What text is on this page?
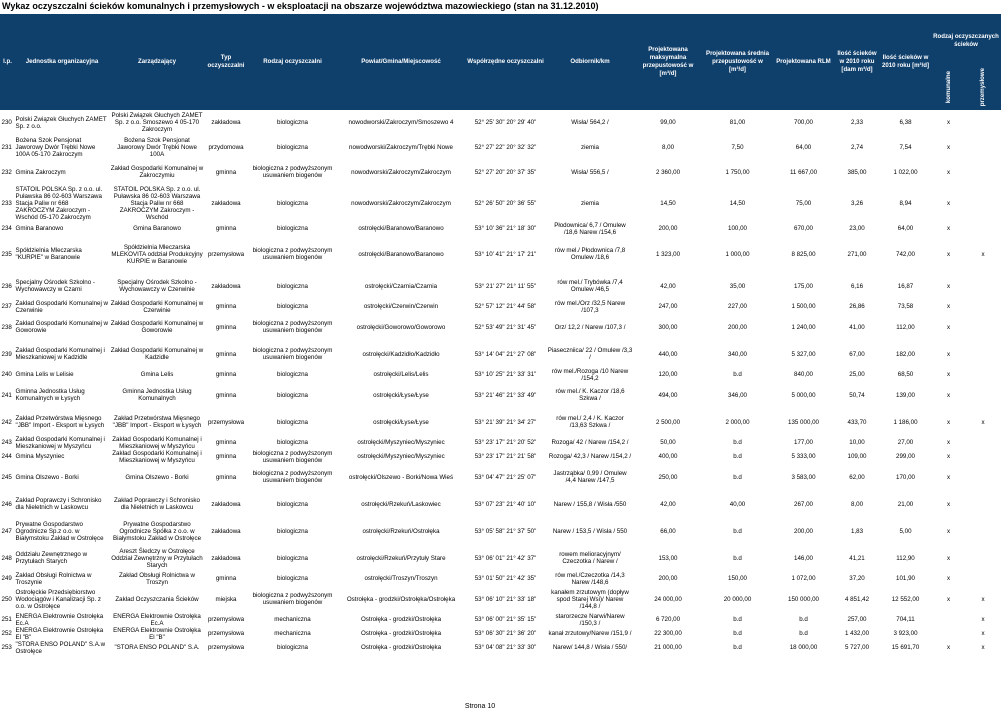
Wykaz oczyszczalni ścieków komunalnych i przemysłowych - w eksploatacji na obszarze województwa mazowieckiego (stan na 31.12.2010)
l.p.	Jednostka organizacyjna	Zarządzający	Typ oczyszczalni	Rodzaj oczyszczalni	Powiat/Gmina/Miejscowość	Współrzędne oczyszczalni	Odbiornik/km	Projektowana maksymalna przepustowość w [m³/d]	Projektowana średnia przepustowość w [m³/d]	Projektowana RLM	Ilość ścieków w 2010 roku [dam m³/d]	Ilość ścieków w 2010 roku [m³/d]	Rodzaj oczyszczanych ścieków	
													komunalne	przemysłowe
230	Polski Związek Głuchych ZAMET Sp. z o.o.	Polski Związek Głuchych ZAMET Sp. z o.o. Smoszewo 4 05-170 Zakroczym	zakładowa	biologiczna	nowodworski/Zakroczym/Smoszewo 4	52° 25' 30" 20° 29' 40"	Wisła/ 564,2 /	99,00	81,00	700,00	2,33	6,38	x	
231	Bożena Szok Pensjonat Jaworowy Dwór Trębki Nowe 100A 05-170 Zakroczym	Bożena Szok Pensjonat Jaworowy Dwór Trębki Nowe 100A	przydomowa	biologiczna	nowodworski/Zakroczym/Trębki Nowe	52° 27' 22" 20° 32' 32"	ziemia	8,00	7,50	64,00	2,74	7,54	x	
232	Gmina Zakroczym	Zakład Gospodarki Komunalnej w Zakroczymiu	gminna	biologiczna z podwyższonym usuwaniem biogenów	nowodworski/Zakroczym/Zakroczym	52° 27' 20" 20° 37' 35"	Wisła/ 556,5 /	2 360,00	1 750,00	11 667,00	385,00	1 022,00	x	
233	STATOIL POLSKA Sp. z o.o. ul. Puławska 86 02-603 Warszawa Stacja Paliw nr 668 ZAKROCZYM Zakroczym - Wschód 05-170 Zakroczym	STATOIL POLSKA Sp. z o.o. ul. Puławska 86 02-603 Warszawa Stacja Paliw nr 668 ZAKROCZYM Zakroczym - Wschód	zakładowa	biologiczna	nowodworski/Zakroczym/Zakroczym	52° 26' 50" 20° 36' 55"	ziemia	14,50	14,50	75,00	3,26	8,94	x	
234	Gmina Baranowo	Gmina Baranowo	gminna	biologiczna	ostrołęcki/Baranowo/Baranowo	53° 10' 36" 21° 18' 30"	Płodownica/ 6,7 / Omulew /18,6 Narew /154,6	200,00	100,00	670,00	23,00	64,00	x	
235	Spółdzielnia Mleczarska "KURPIE" w Baranowie	Spółdzielnia Mleczarska MLEKOVITA oddział Produkcyjny KURPIE w Baranowie	przemysłowa	biologiczna z podwyższonym usuwaniem biogenów	ostrołęcki/Baranowo/Baranowo	53° 10' 41" 21° 17' 21"	rów mel./ Płodownica /7,8 Omulew /18,6	1 323,00	1 000,00	8 825,00	271,00	742,00	x	x
236	Specjalny Ośrodek Szkolno - Wychowawczy w Czarni	Specjalny Ośrodek Szkolno - Wychowawczy w Czerwinie	zakładowa	biologiczna	ostrołęcki/Czarnia/Czarnia	53° 21' 27" 21° 11' 55"	rów mel./ Trybówka /7,4 Omulew /46,5	42,00	35,00	175,00	6,16	16,87	x	
237	Zakład Gospodarki Komunalnej w Czerwinie	Zakład Gospodarki Komunalnej w Czerwinie	gminna	biologiczna	ostrołęcki/Czerwin/Czerwin	52° 57' 12" 21° 44' 58"	rów mel./Orz /32,5 Narew /107,3	247,00	227,00	1 500,00	26,86	73,58	x	
238	Zakład Gospodarki Komunalnej w Goworowie	Zakład Gospodarki Komunalnej w Goworowie	gminna	biologiczna z podwyższonym usuwaniem biogenów	ostrołęcki/Goworowo/Goworowo	52° 53' 49" 21° 31' 45"	Orz/ 12,2 / Narew /107,3 /	300,00	200,00	1 240,00	41,00	112,00	x	
239	Zakład Gospodarki Komunalnej i Mieszkaniowej w Kadzidle	Zakład Gospodarki Komunalnej w Kadzidle	gminna	biologiczna z podwyższonym usuwaniem biogenów	ostrołęcki/Kadzidło/Kadzidło	53° 14' 04" 21° 27' 08"	Piaseczniica/ 22 / Omulew /3,3 /	440,00	340,00	5 327,00	67,00	182,00	x	
240	Gmina Lelis w Lelisie	Gmina Lelis	gminna	biologiczna	ostrołęcki/Lelis/Lelis	53° 10' 25" 21° 33' 31"	rów mel./Rozoga /10 Narew /154,2	120,00	b.d	840,00	25,00	68,50	x	
241	Gminna Jednostka Usług Komunalnych w Łysych	Gminna Jednostka Usług Komunalnych	gminna	biologiczna	ostrołęcki/Łyse/Łyse	53° 21' 46" 21° 33' 49"	rów mel./ K. Kaczor /18,6 Szkwa /	494,00	346,00	5 000,00	50,74	139,00	x	
242	Zakład Przetwórstwa Mięsnego "JBB" Import - Eksport w Łysych	Zakład Przetwórstwa Mięsnego "JBB" Import - Eksport w Łysych	przemysłowa	biologiczna	ostrołęcki/Łyse/Łyse	53° 21' 39" 21° 34' 27"	rów mel./ 2,4 / K. Kaczor /13,63 Szkwa /	2 500,00	2 000,00	135 000,00	433,70	1 186,00	x	x
243	Zakład Gospodarki Komunalnej i Mieszkaniowej w Myszyńcu	Zakład Gospodarki Komunalnej i Mieszkaniowej w Myszyńcu	gminna	biologiczna	ostrołęcki/Myszyniec/Myszyniec	53° 23' 17" 21° 20' 52"	Rozoga/ 42 / Narew /154,2 /	50,00	b.d	177,00	10,00	27,00	x	
244	Gmina Myszyniec	Zakład Gospodarki Komunalnej i Mieszkaniowej w Myszyńcu	gminna	biologiczna z podwyższonym usuwaniem biogenów	ostrołęcki/Myszyniec/Myszyniec	53° 23' 17" 21° 21' 58"	Rozoga/ 42,3 / Narew /154,2 /	400,00	b.d	5 333,00	109,00	299,00	x	
245	Gmina Olszewo - Borki	Gmina Olszewo - Borki	gminna	biologiczna z podwyższonym usuwaniem biogenów	ostrołęcki/Olszewo - Borki/Nowa Wieś	53° 04' 47" 21° 25' 07"	Jastrząbka/ 0,99 / Omulew /4,4 Narew /147,5	250,00	b.d	3 583,00	62,00	170,00	x	
246	Zakład Poprawczy i Schronisko dla Nieletnich w Laskowcu	Zakład Poprawczy i Schronisko dla Nieletnich w Laskowcu	zakładowa	biologiczna	ostrołęcki/Rzekuń/Laskowiec	53° 07' 23" 21° 40' 10"	Narew / 155,8 / Wisła /550	42,00	40,00	267,00	8,00	21,00	x	
247	Prywatne Gospodarstwo Ogrodnicze Sp.z o.o. w Białymstoku Zakład w Ostrołęce	Prywatne Gospodarstwo Ogrodnicze Spółka z o.o. w Białymstoku Zakład w Ostrołęce	zakładowa	biologiczna	ostrołęcki/Rzekuń/Ostrołęka	53° 05' 58" 21° 37' 50"	Narew / 153,5 / Wisła / 550	66,00	b.d	200,00	1,83	5,00	x	
248	Oddziału Zewnętrznego w Przytułach Starych	Areszt Śledczy w Ostrołęce Oddział Zewnętrzny w Przytułach Starych	zakładowa	biologiczna	ostrołęcki/Rzekuń/Przytuły Stare	53° 06' 01" 21° 42' 37"	rowem melioracyjnym/ Czeczotka / Narew /	153,00	b.d	146,00	41,21	112,90	x	
249	Zakład Obsługi Rolnictwa w Troszynie	Zakład Obsługi Rolnictwa w Troszyn	gminna	biologiczna	ostrołęcki/Troszyn/Troszyn	53° 01' 50" 21° 42' 35"	rów mel./Czeczotka /14,3 Narew /148,6	200,00	150,00	1 072,00	37,20	101,90	x	
250	Ostrołęckie Przedsiębiorstwo Wodociągów i Kanalizacji Sp. z o.o. w Ostrołęce	Zakład Oczyszczania Ścieków	miejska	biologiczna z podwyższonym usuwaniem biogenów	Ostrołęka - grodzki/Ostrołęka/Ostrołęka	53° 06' 10" 21° 33' 18"	kanałem zrzutowym (dopływ spod Starej Wsi)/ Narew /144,8 /	24 000,00	20 000,00	150 000,00	4 851,42	12 552,00	x	x
251	ENERGA Elektrownie Ostrołęka Ec.A	ENERGA Elektrownie Ostrołęka Ec.A	przemysłowa	mechaniczna	Ostrołęka - grodzki/Ostrołęka	53° 06' 00" 21° 35' 15"	starorzecze Narwi/Narew /150,3 /	6 720,00	b.d	b.d	257,00	704,11		x
252	ENERGA Elektrownie Ostrołęka El "B"	ENERGA Elektrownie Ostrołęka El "B"	przemysłowa	mechaniczna	Ostrołęka - grodzki/Ostrołęka	53° 06' 30" 21° 36' 20"	kanał zrzutowy/Narew /151,9 /	22 300,00	b.d	b.d	1 432,00	3 923,00		x
253	"STORA ENSO POLAND" S.A.w Ostrołęce	"STORA ENSO POLAND" S.A.	przemysłowa	biologiczna	Ostrołęka - grodzki/Ostrołęka	53° 04' 08" 21° 33' 30"	Narew/ 144,8 / Wisła / 550/	21 000,00	b.d	18 000,00	5 727,00	15 691,70	x	x
Strona 10
